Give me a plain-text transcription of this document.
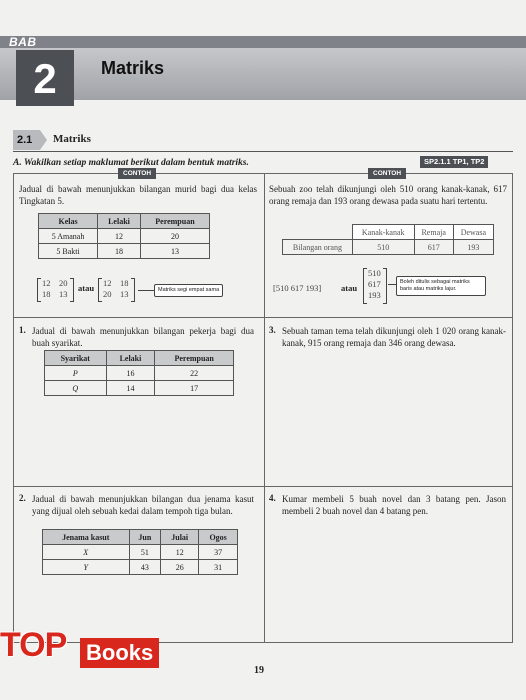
BAB
2	Matriks
2.1	Matriks
A. Wakilkan setiap maklumat berikut dalam bentuk matriks.	SP2.1.1 TP1, TP2
CONTOH
Jadual di bawah menunjukkan bilangan murid bagi dua kelas Tingkatan 5.
Kelas	Lelaki	Perempuan
5 Amanah	12	20
5 Bakti	18	13
12 20
18 13
atau 12 18
20 13	Matriks segi empat sama
CONTOH
Sebuah zoo telah dikunjungi oleh 510 orang kanak-kanak, 617 orang remaja dan 193 orang dewasa pada suatu hari tertentu.
	Kanak-kanak	Remaja	Dewasa
Bilangan orang	510	617	193
[510 617 193] atau
510
617
193
Boleh ditulis sebagai matriks baris atau matriks lajur.
1. Jadual di bawah menunjukkan bilangan pekerja bagi dua buah syarikat.
Syarikat	Lelaki	Perempuan
P	16	22
Q	14	17
3. Sebuah taman tema telah dikunjungi oleh 1 020 orang kanak-kanak, 915 orang remaja dan 346 orang dewasa.
2. Jadual di bawah menunjukkan bilangan dua jenama kasut yang dijual oleh sebuah kedai dalam tempoh tiga bulan.
Jenama kasut	Jun	Julai	Ogos
X	51	12	37
Y	43	26	31
4. Kumar membeli 5 buah novel dan 3 batang pen. Jason membeli 2 buah novel dan 4 batang pen.
19
TOP Books
